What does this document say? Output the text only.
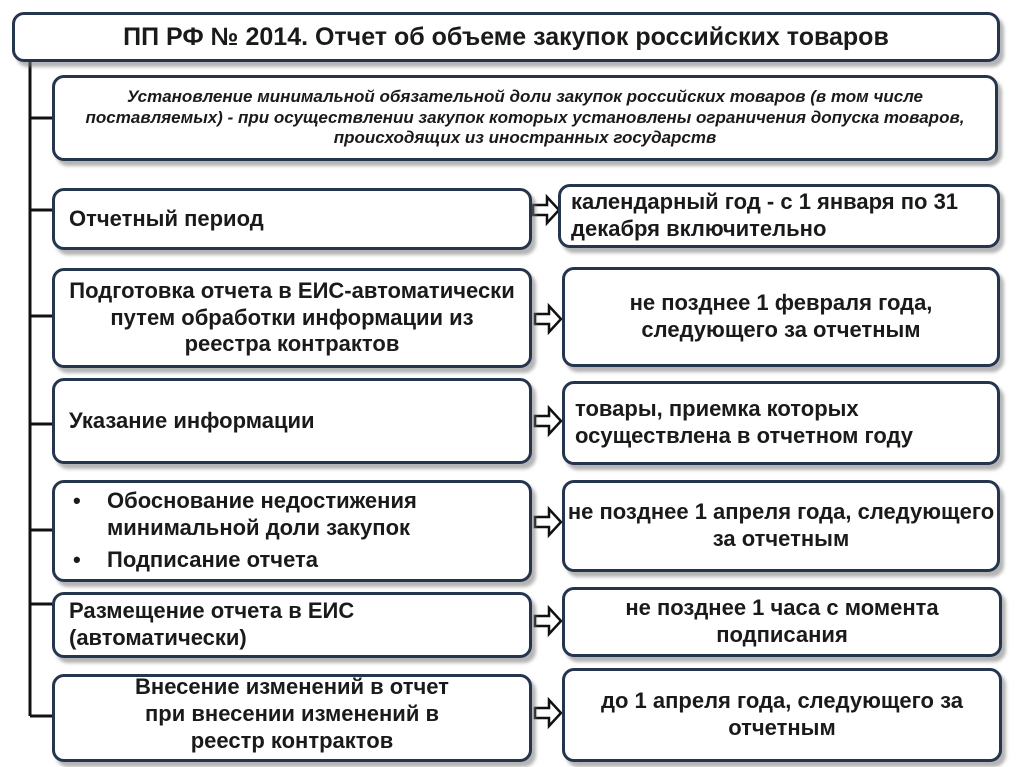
ПП РФ № 2014. Отчет об объеме закупок российских товаров
Установление минимальной обязательной доли закупок российских товаров (в том числе поставляемых) - при осуществлении закупок которых установлены ограничения допуска товаров, происходящих из иностранных государств
Отчетный период
календарный год - с 1 января по 31 декабря включительно
Подготовка отчета в ЕИС-автоматически путем обработки информации из реестра контрактов
не позднее 1 февраля года, следующего за отчетным
Указание информации	товары, приемка которых осуществлена в отчетном году
• Обоснование недостижения минимальной доли закупок
• Подписание отчета
не позднее 1 апреля года, следующего за отчетным
Размещение отчета в ЕИС (автоматически)
не позднее 1 часа с момента подписания
Внесение изменений в отчет при внесении изменений в реестр контрактов
до 1 апреля года, следующего за отчетным
